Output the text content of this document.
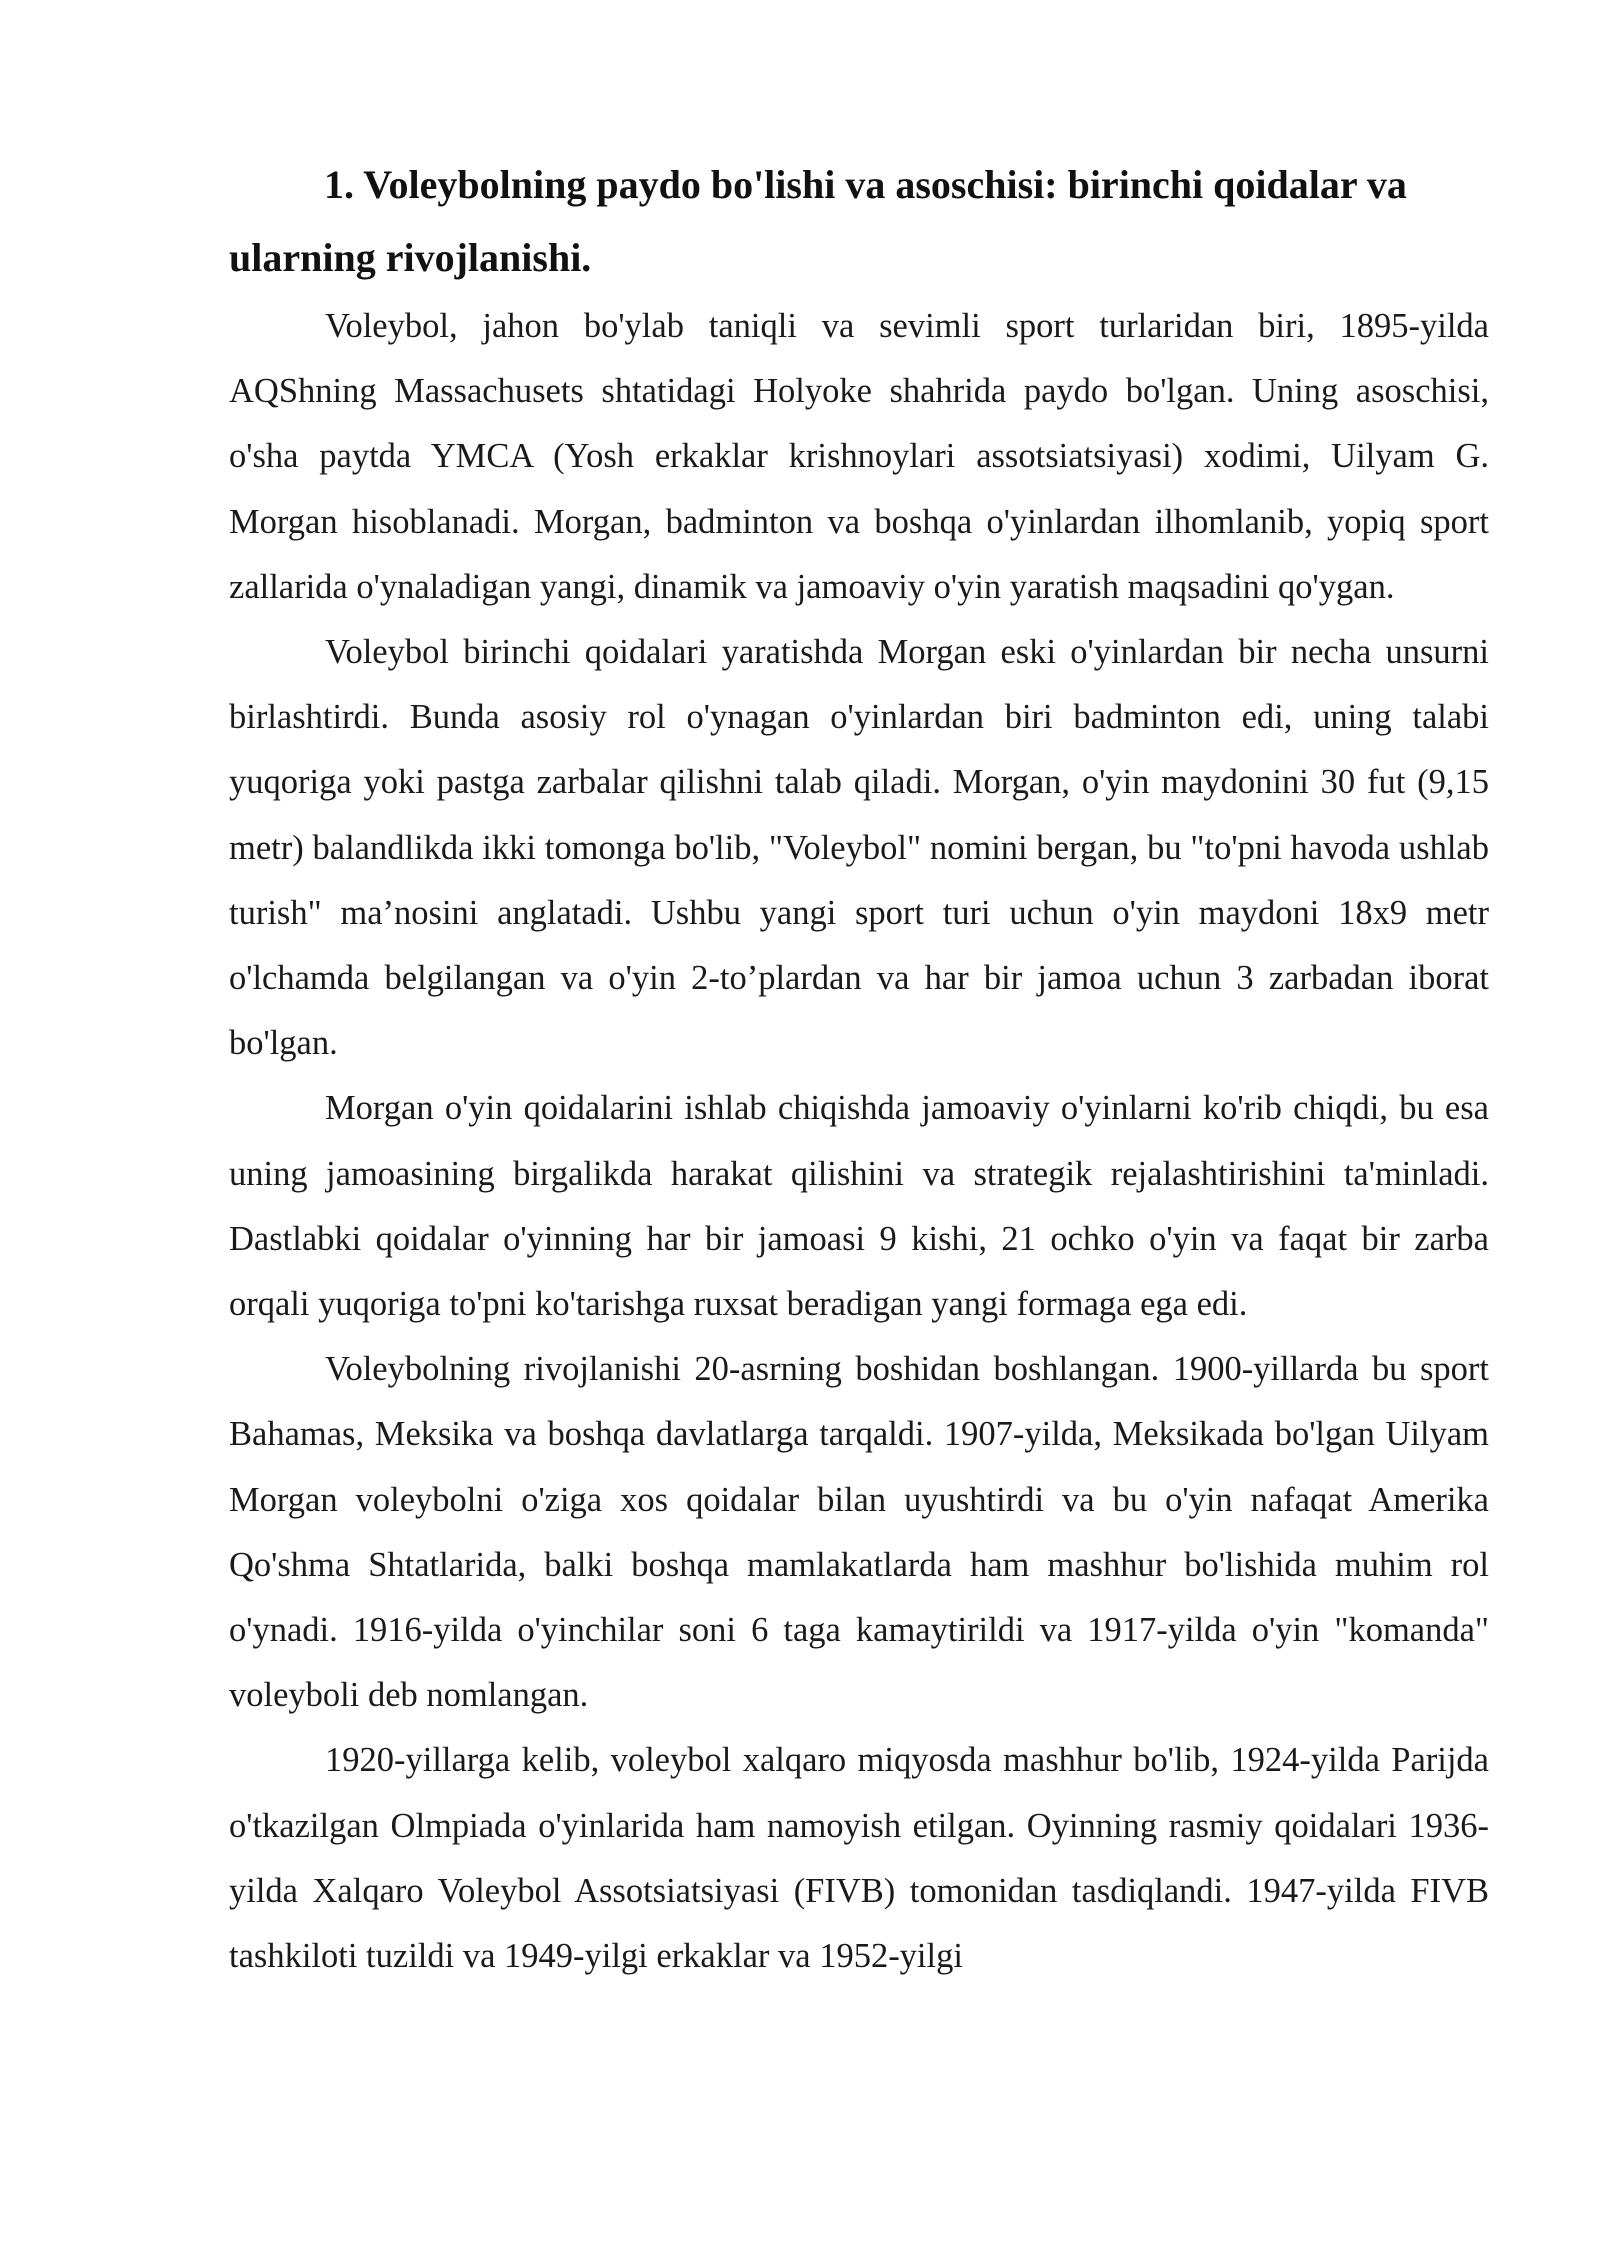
1. Voleybolning paydo bo'lishi va asoschisi: birinchi qoidalar va ularning rivojlanishi.

Voleybol, jahon bo'ylab taniqli va sevimli sport turlaridan biri, 1895-yilda AQShning Massachusets shtatidagi Holyoke shahrida paydo bo'lgan. Uning asoschisi, o'sha paytda YMCA (Yosh erkaklar krishnoylari assotsiatsiyasi) xodimi, Uilyam G. Morgan hisoblanadi. Morgan, badminton va boshqa o'yinlardan ilhomlanib, yopiq sport zallarida o'ynaladigan yangi, dinamik va jamoaviy o'yin yaratish maqsadini qo'ygan.

Voleybol birinchi qoidalari yaratishda Morgan eski o'yinlardan bir necha unsurni birlashtirdi. Bunda asosiy rol o'ynagan o'yinlardan biri badminton edi, uning talabi yuqoriga yoki pastga zarbalar qilishni talab qiladi. Morgan, o'yin maydonini 30 fut (9,15 metr) balandlikda ikki tomonga bo'lib, "Voleybol" nomini bergan, bu "to'pni havoda ushlab turish" ma’nosini anglatadi. Ushbu yangi sport turi uchun o'yin maydoni 18x9 metr o'lchamda belgilangan va o'yin 2-to’plardan va har bir jamoa uchun 3 zarbadan iborat bo'lgan.

Morgan o'yin qoidalarini ishlab chiqishda jamoaviy o'yinlarni ko'rib chiqdi, bu esa uning jamoasining birgalikda harakat qilishini va strategik rejalashtirishini ta'minladi. Dastlabki qoidalar o'yinning har bir jamoasi 9 kishi, 21 ochko o'yin va faqat bir zarba orqali yuqoriga to'pni ko'tarishga ruxsat beradigan yangi formaga ega edi.

Voleybolning rivojlanishi 20-asrning boshidan boshlangan. 1900-yillarda bu sport Bahamas, Meksika va boshqa davlatlarga tarqaldi. 1907-yilda, Meksikada bo'lgan Uilyam Morgan voleybolni o'ziga xos qoidalar bilan uyushtirdi va bu o'yin nafaqat Amerika Qo'shma Shtatlarida, balki boshqa mamlakatlarda ham mashhur bo'lishida muhim rol o'ynadi. 1916-yilda o'yinchilar soni 6 taga kamaytirildi va 1917-yilda o'yin "komanda" voleyboli deb nomlangan.

1920-yillarga kelib, voleybol xalqaro miqyosda mashhur bo'lib, 1924-yilda Parijda o'tkazilgan Olmpiada o'yinlarida ham namoyish etilgan. Oyinning rasmiy qoidalari 1936-yilda Xalqaro Voleybol Assotsiatsiyasi (FIVB) tomonidan tasdiqlandi. 1947-yilda FIVB tashkiloti tuzildi va 1949-yilgi erkaklar va 1952-yilgi
